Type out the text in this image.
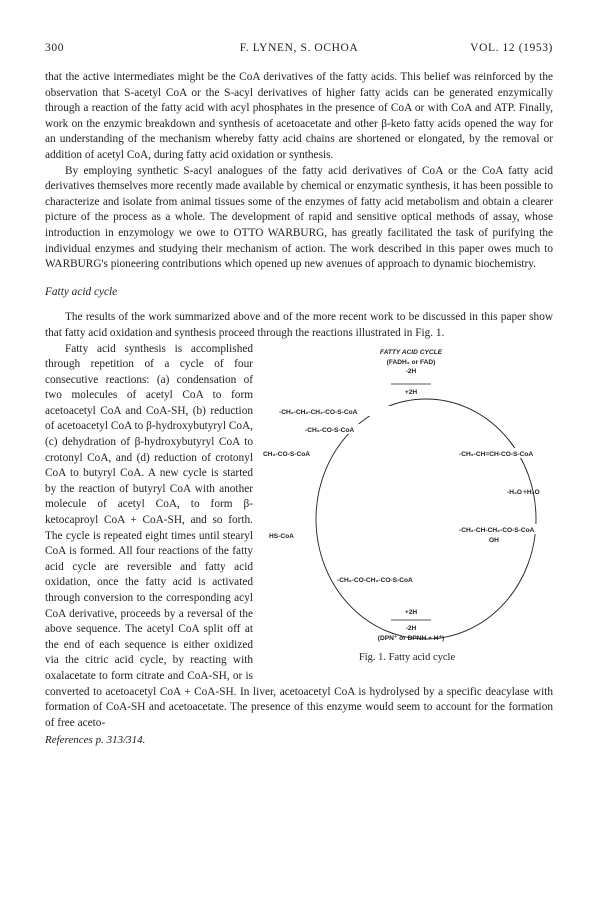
300	F. LYNEN, S. OCHOA	VOL. 12 (1953)

that the active intermediates might be the CoA derivatives of the fatty acids. This belief was reinforced by the observation that S-acetyl CoA or the S-acyl derivatives of higher fatty acids can be generated enzymically through a reaction of the fatty acid with acyl phosphates in the presence of CoA or with CoA and ATP. Finally, work on the enzymic breakdown and synthesis of acetoacetate and other β-keto fatty acids opened the way for an understanding of the mechanism whereby fatty acid chains are shortened or elongated, by the removal or addition of acetyl CoA, during fatty acid oxidation or synthesis.

By employing synthetic S-acyl analogues of the fatty acid derivatives of CoA or the CoA fatty acid derivatives themselves more recently made available by chemical or enzymatic synthesis, it has been possible to characterize and isolate from animal tissues some of the enzymes of fatty acid metabolism and obtain a clearer picture of the process as a whole. The development of rapid and sensitive optical methods of assay, whose introduction in enzymology we owe to OTTO WARBURG, has greatly facilitated the task of purifying the individual enzymes and studying their mechanism of action. The work described in this paper owes much to WARBURG's pioneering contributions which opened up new avenues of approach to dynamic biochemistry.

Fatty acid cycle

The results of the work summarized above and of the more recent work to be discussed in this paper show that fatty acid oxidation and synthesis proceed through the reactions illustrated in Fig. 1.

FATTY ACID CYCLE
(FADH₂ or FAD)
-2H
+2H
-CH₂-CH₂-CH₂-CO-S-CoA
-CH₃-CO-S-CoA
CH₃-CO-S-CoA	-CH₂-CH=CH-CO-S-CoA
-H₂O +H₂O
-CH₂-CH-CH₂-CO-S-CoA
OH
HS-CoA
-CH₂-CO-CH₂-CO-S-CoA
+2H
-2H
(DPN⁺ or DPNH + H⁺)
Fig. 1. Fatty acid cycle

Fatty acid synthesis is accomplished through repetition of a cycle of four consecutive reactions: (a) condensation of two molecules of acetyl CoA to form acetoacetyl CoA and CoA-SH, (b) reduction of acetoacetyl CoA to β-hydroxybutyryl CoA, (c) dehydration of β-hydroxybutyryl CoA to crotonyl CoA, and (d) reduction of crotonyl CoA to butyryl CoA. A new cycle is started by the reaction of butyryl CoA with another molecule of acetyl CoA, to form β-ketocaproyl CoA + CoA-SH, and so forth. The cycle is repeated eight times until stearyl CoA is formed. All four reactions of the fatty acid cycle are reversible and fatty acid oxidation, once the fatty acid is activated through conversion to the corresponding acyl CoA derivative, proceeds by a reversal of the above sequence. The acetyl CoA split off at the end of each sequence is either oxidized via the citric acid cycle, by reacting with oxalacetate to form citrate and CoA-SH, or is converted to acetoacetyl CoA + CoA-SH. In liver, acetoacetyl CoA is hydrolysed by a specific deacylase with formation of CoA-SH and acetoacetate. The presence of this enzyme would seem to account for the formation of free aceto-

References p. 313/314.
